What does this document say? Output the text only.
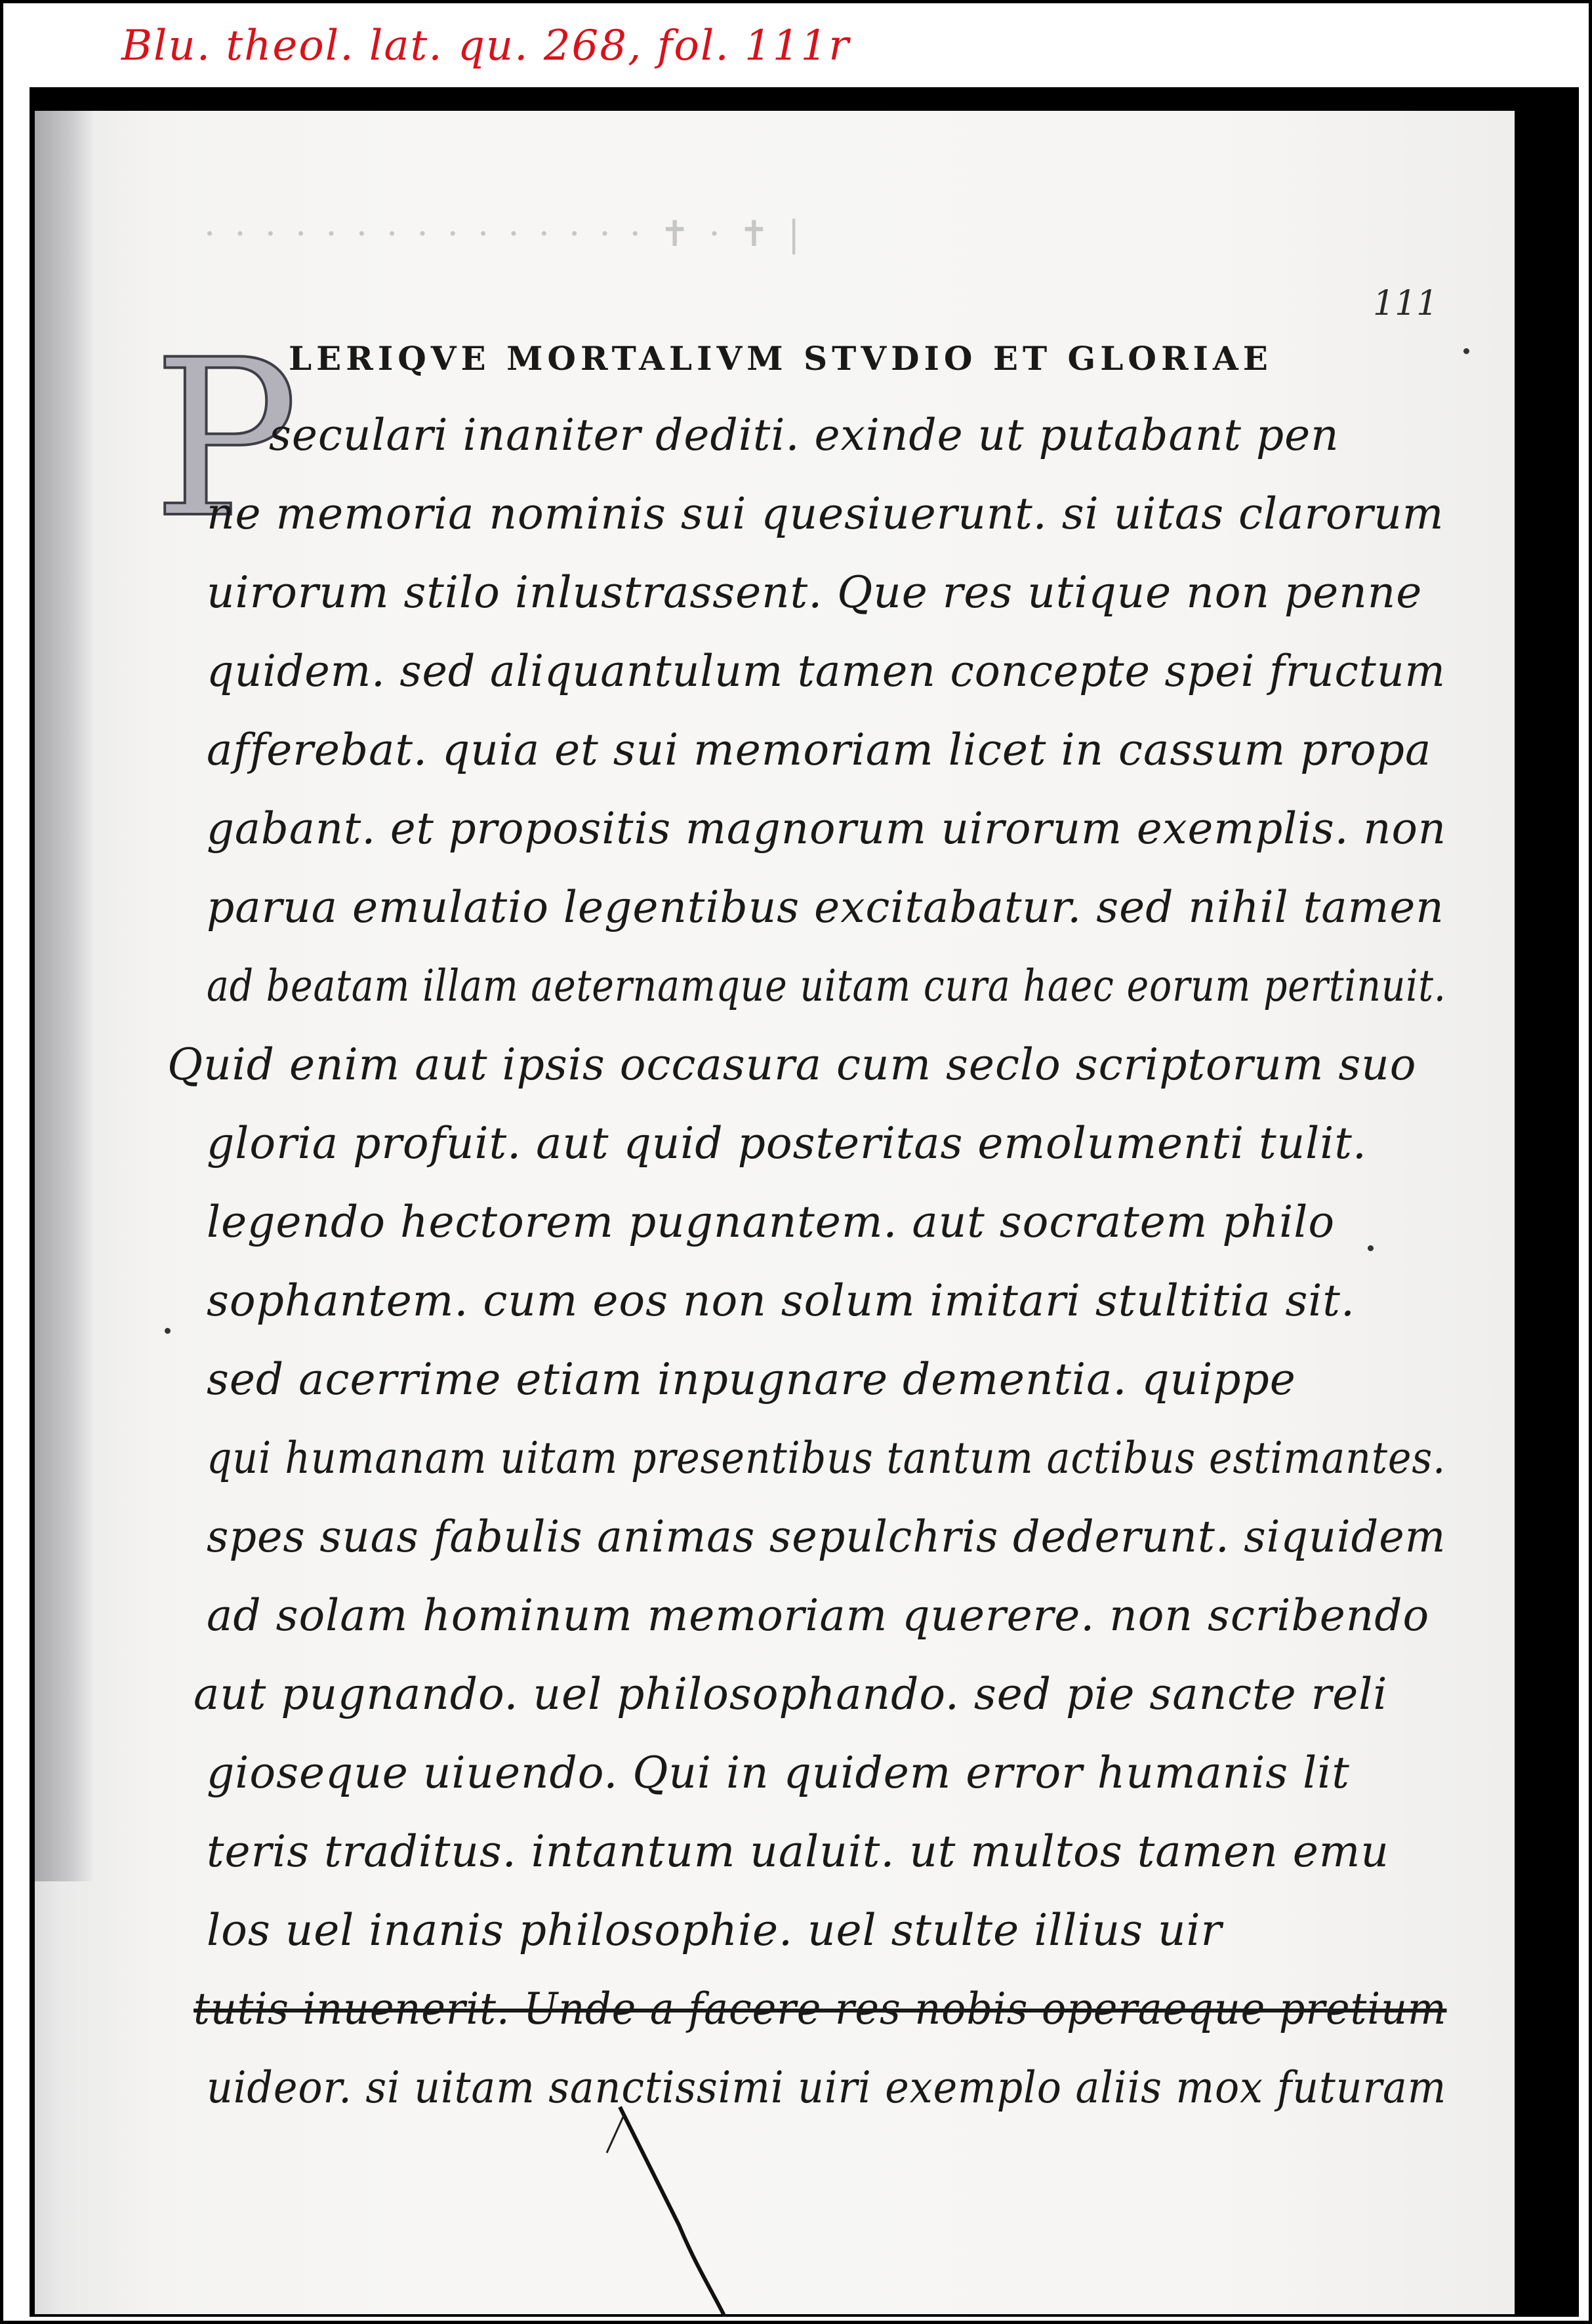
Blu. theol. lat. qu. 268, fol. 111r
| ✝ · ✝ · · · · · · · · · · · · · · ·
111
P
LERIQVE MORTALIVM STVDIO ET GLORIAE
seculari inaniter dediti. exinde ut putabant pen
ne memoria nominis sui quesiuerunt. si uitas clarorum
uirorum stilo inlustrassent. Que res utique non penne
quidem. sed aliquantulum tamen concepte spei fructum
afferebat. quia et sui memoriam licet in cassum propa
gabant. et propositis magnorum uirorum exemplis. non
parua emulatio legentibus excitabatur. sed nihil tamen
ad beatam illam aeternamque uitam cura haec eorum pertinuit.
Quid enim aut ipsis occasura cum seclo scriptorum suo
gloria profuit. aut quid posteritas emolumenti tulit.
legendo hectorem pugnantem. aut socratem philo
sophantem. cum eos non solum imitari stultitia sit.
sed acerrime etiam inpugnare dementia. quippe
qui humanam uitam presentibus tantum actibus estimantes.
spes suas fabulis animas sepulchris dederunt. siquidem
ad solam hominum memoriam querere. non scribendo
aut pugnando. uel philosophando. sed pie sancte reli
gioseque uiuendo. Qui in quidem error humanis lit
teris traditus. intantum ualuit. ut multos tamen emu
los uel inanis philosophie. uel stulte illius uir
tutis inuenerit. Unde a facere res nobis operaeque pretium
uideor. si uitam sanctissimi uiri exemplo aliis mox futuram
